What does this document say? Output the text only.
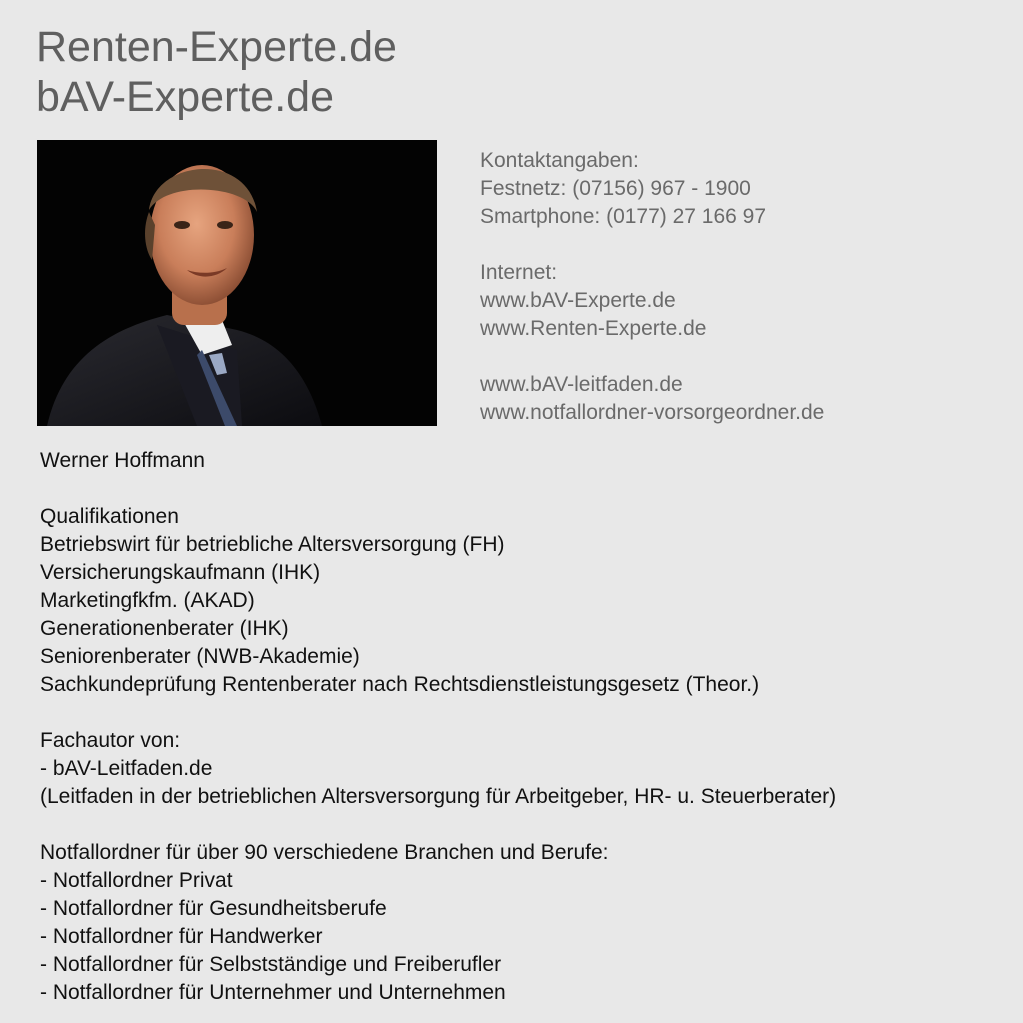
Renten-Experte.de
bAV-Experte.de
Kontaktangaben:
Festnetz: (07156) 967 - 1900
Smartphone: (0177) 27 166 97
Internet:
www.bAV-Experte.de
www.Renten-Experte.de
www.bAV-leitfaden.de
www.notfallordner-vorsorgeordner.de
Werner Hoffmann
Qualifikationen
Betriebswirt für betriebliche Altersversorgung (FH)
Versicherungskaufmann (IHK)
Marketingfkfm. (AKAD)
Generationenberater (IHK)
Seniorenberater (NWB-Akademie)
Sachkundeprüfung Rentenberater nach Rechtsdienstleistungsgesetz (Theor.)
Fachautor von:
- bAV-Leitfaden.de
(Leitfaden in der betrieblichen Altersversorgung für Arbeitgeber, HR- u. Steuerberater)
Notfallordner für über 90 verschiedene Branchen und Berufe:
- Notfallordner Privat
- Notfallordner für Gesundheitsberufe
- Notfallordner für Handwerker
- Notfallordner für Selbstständige und Freiberufler
- Notfallordner für Unternehmer und Unternehmen
